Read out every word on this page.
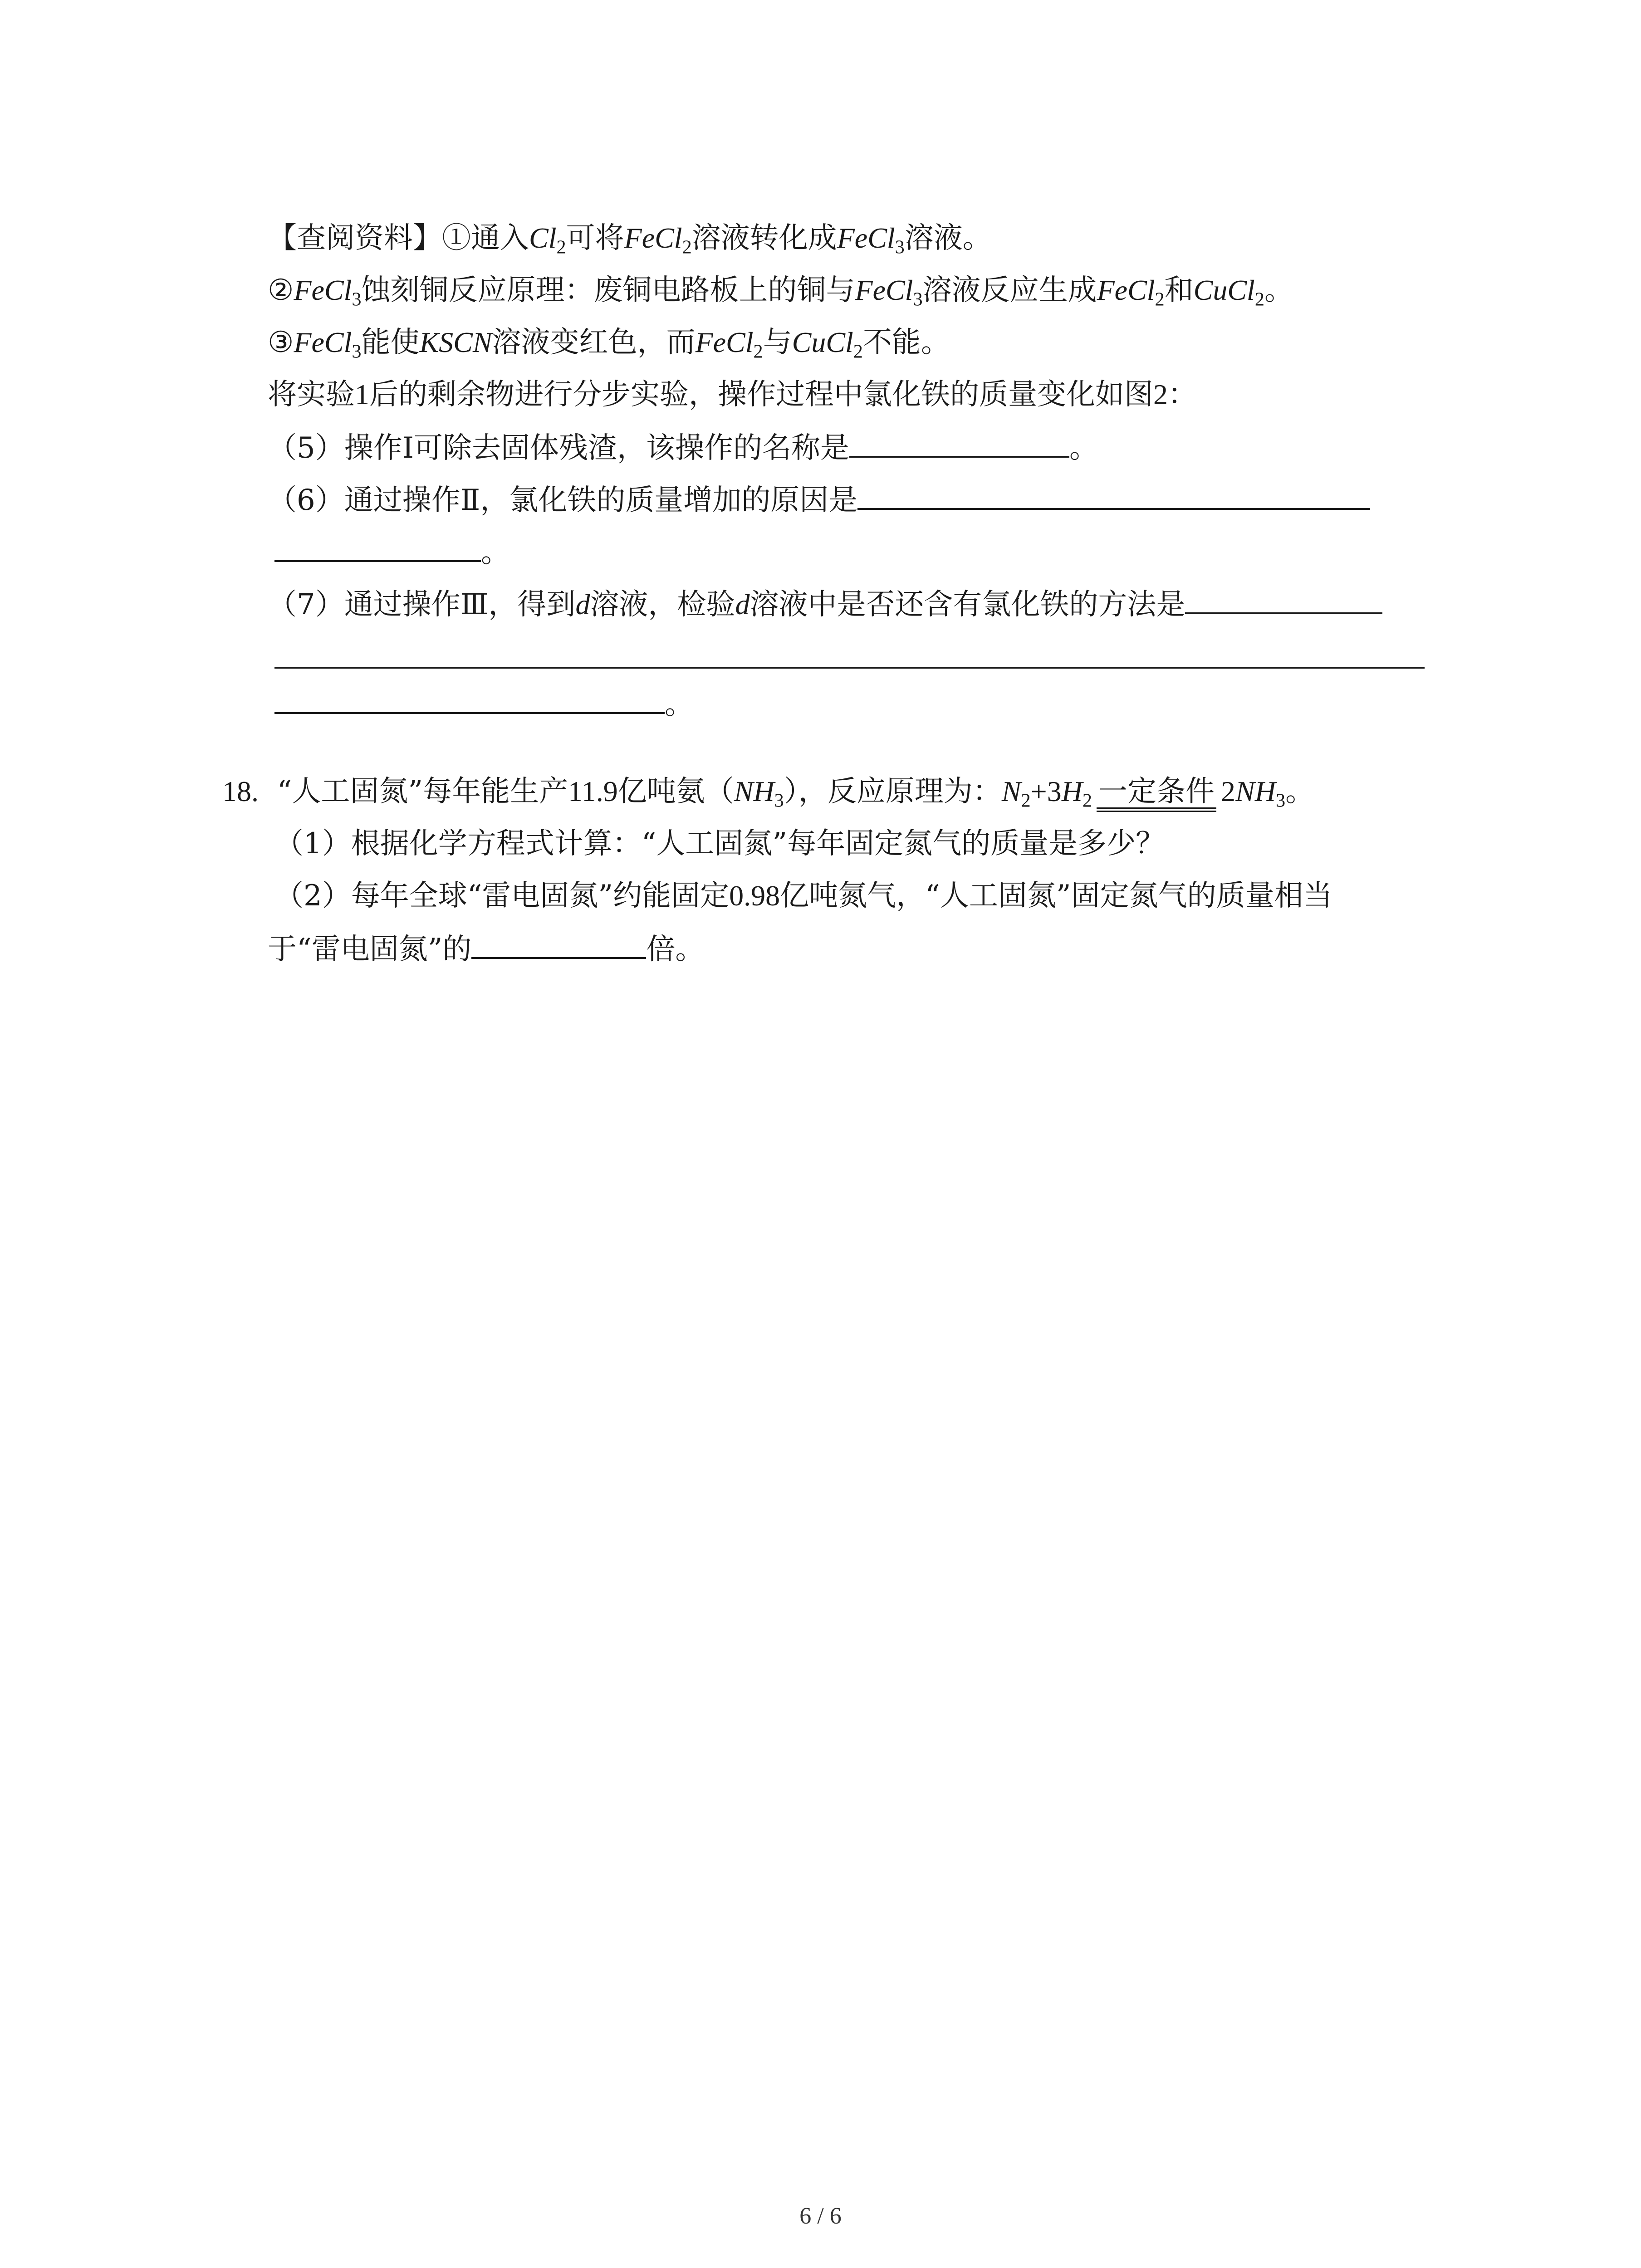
【查阅资料】①通入$Cl_2$可将FeCl$_2$溶液转化成FeCl$_3$溶液。
②FeCl$_3$蚀刻铜反应原理：废铜电路板上的铜与FeCl$_3$溶液反应生成FeCl$_2$和CuCl$_2$。
③FeCl$_3$能使KSCN溶液变红色，而FeCl$_2$与CuCl$_2$不能。
将实验1后的剩余物进行分步实验，操作过程中氯化铁的质量变化如图2：
（5）操作Ⅰ可除去固体残渣，该操作的名称是	。
（6）通过操作Ⅱ，氯化铁的质量增加的原因是
。
（7）通过操作Ⅲ，得到d溶液，检验d溶液中是否还含有氯化铁的方法是
。
18. “人工固氮”每年能生产11.9亿吨氨$(NH_3)$，反应原理为：$N_2+3H_2$ 一定条件 $2NH_3$。
（1）根据化学方程式计算：“人工固氮”每年固定氮气的质量是多少？
（2）每年全球“雷电固氮”约能固定0.98亿吨氮气，“人工固氮”固定氮气的质量相当
于“雷电固氮”的	倍。
6 / 6
